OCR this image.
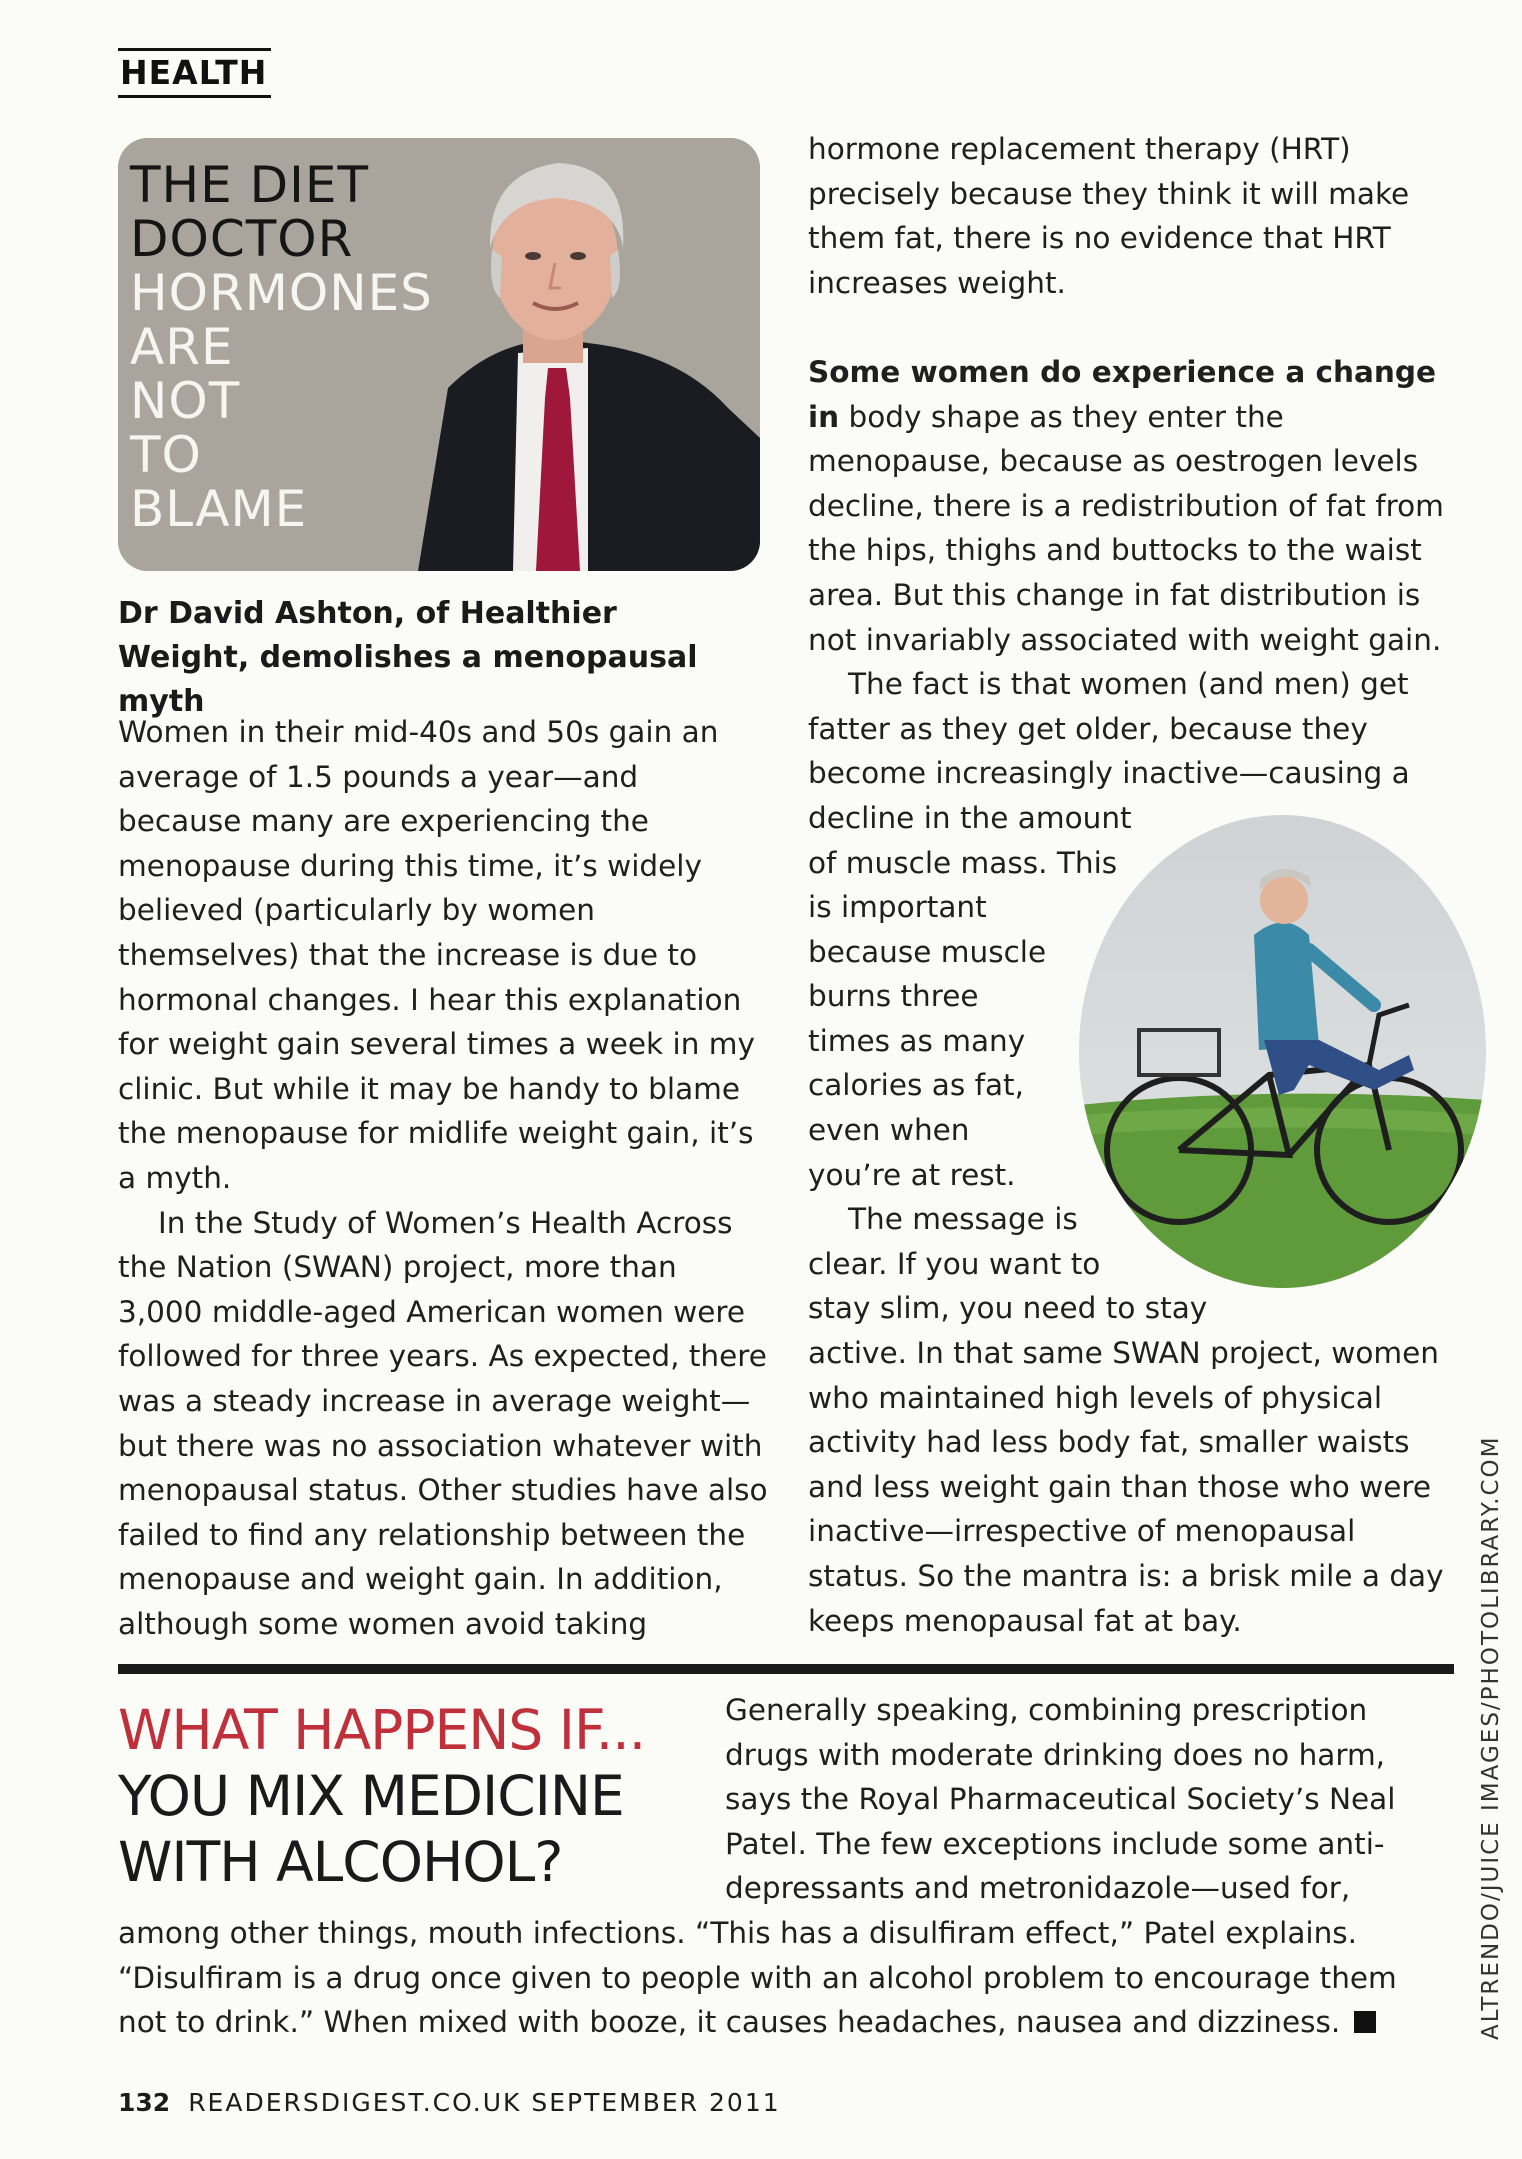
HEALTH
THE DIET
DOCTOR
HORMONES
ARE
NOT
TO
BLAME
Dr David Ashton, of Healthier Weight, demolishes a menopausal myth

Women in their mid-40s and 50s gain an average of 1.5 pounds a year—and because many are experiencing the menopause during this time, it’s widely believed (particularly by women themselves) that the increase is due to hormonal changes. I hear this explanation for weight gain several times a week in my clinic. But while it may be handy to blame the menopause for midlife weight gain, it’s a myth.

In the Study of Women’s Health Across the Nation (SWAN) project, more than 3,000 middle-aged American women were followed for three years. As expected, there was a steady increase in average weight—but there was no association whatever with menopausal status. Other studies have also failed to find any relationship between the menopause and weight gain. In addition, although some women avoid taking

hormone replacement therapy (HRT) precisely because they think it will make them fat, there is no evidence that HRT increases weight.

Some women do experience a change in body shape as they enter the menopause, because as oestrogen levels decline, there is a redistribution of fat from the hips, thighs and buttocks to the waist area. But this change in fat distribution is not invariably associated with weight gain.

The fact is that women (and men) get
fatter as they get older, because they
become increasingly inactive—causing a
decline in the amount
of muscle mass. This
is important
because muscle
burns three
times as many
calories as fat,
even when
you’re at rest.
The message is
clear. If you want to
stay slim, you need to stay
active. In that same SWAN project, women
who maintained high levels of physical
activity had less body fat, smaller waists
and less weight gain than those who were
inactive—irrespective of menopausal
status. So the mantra is: a brisk mile a day
keeps menopausal fat at bay.
WHAT HAPPENS IF...
YOU MIX MEDICINE
WITH ALCOHOL?
Generally speaking, combining prescription
drugs with moderate drinking does no harm,
says the Royal Pharmaceutical Society’s Neal
Patel. The few exceptions include some anti-
depressants and metronidazole—used for,
among other things, mouth infections. “This has a disulfiram effect,” Patel explains.
“Disulfiram is a drug once given to people with an alcohol problem to encourage them
not to drink.” When mixed with booze, it causes headaches, nausea and dizziness.
132 READERSDIGEST.CO.UK SEPTEMBER 2011
ALTRENDO/JUICE IMAGES/PHOTOLIBRARY.COM
